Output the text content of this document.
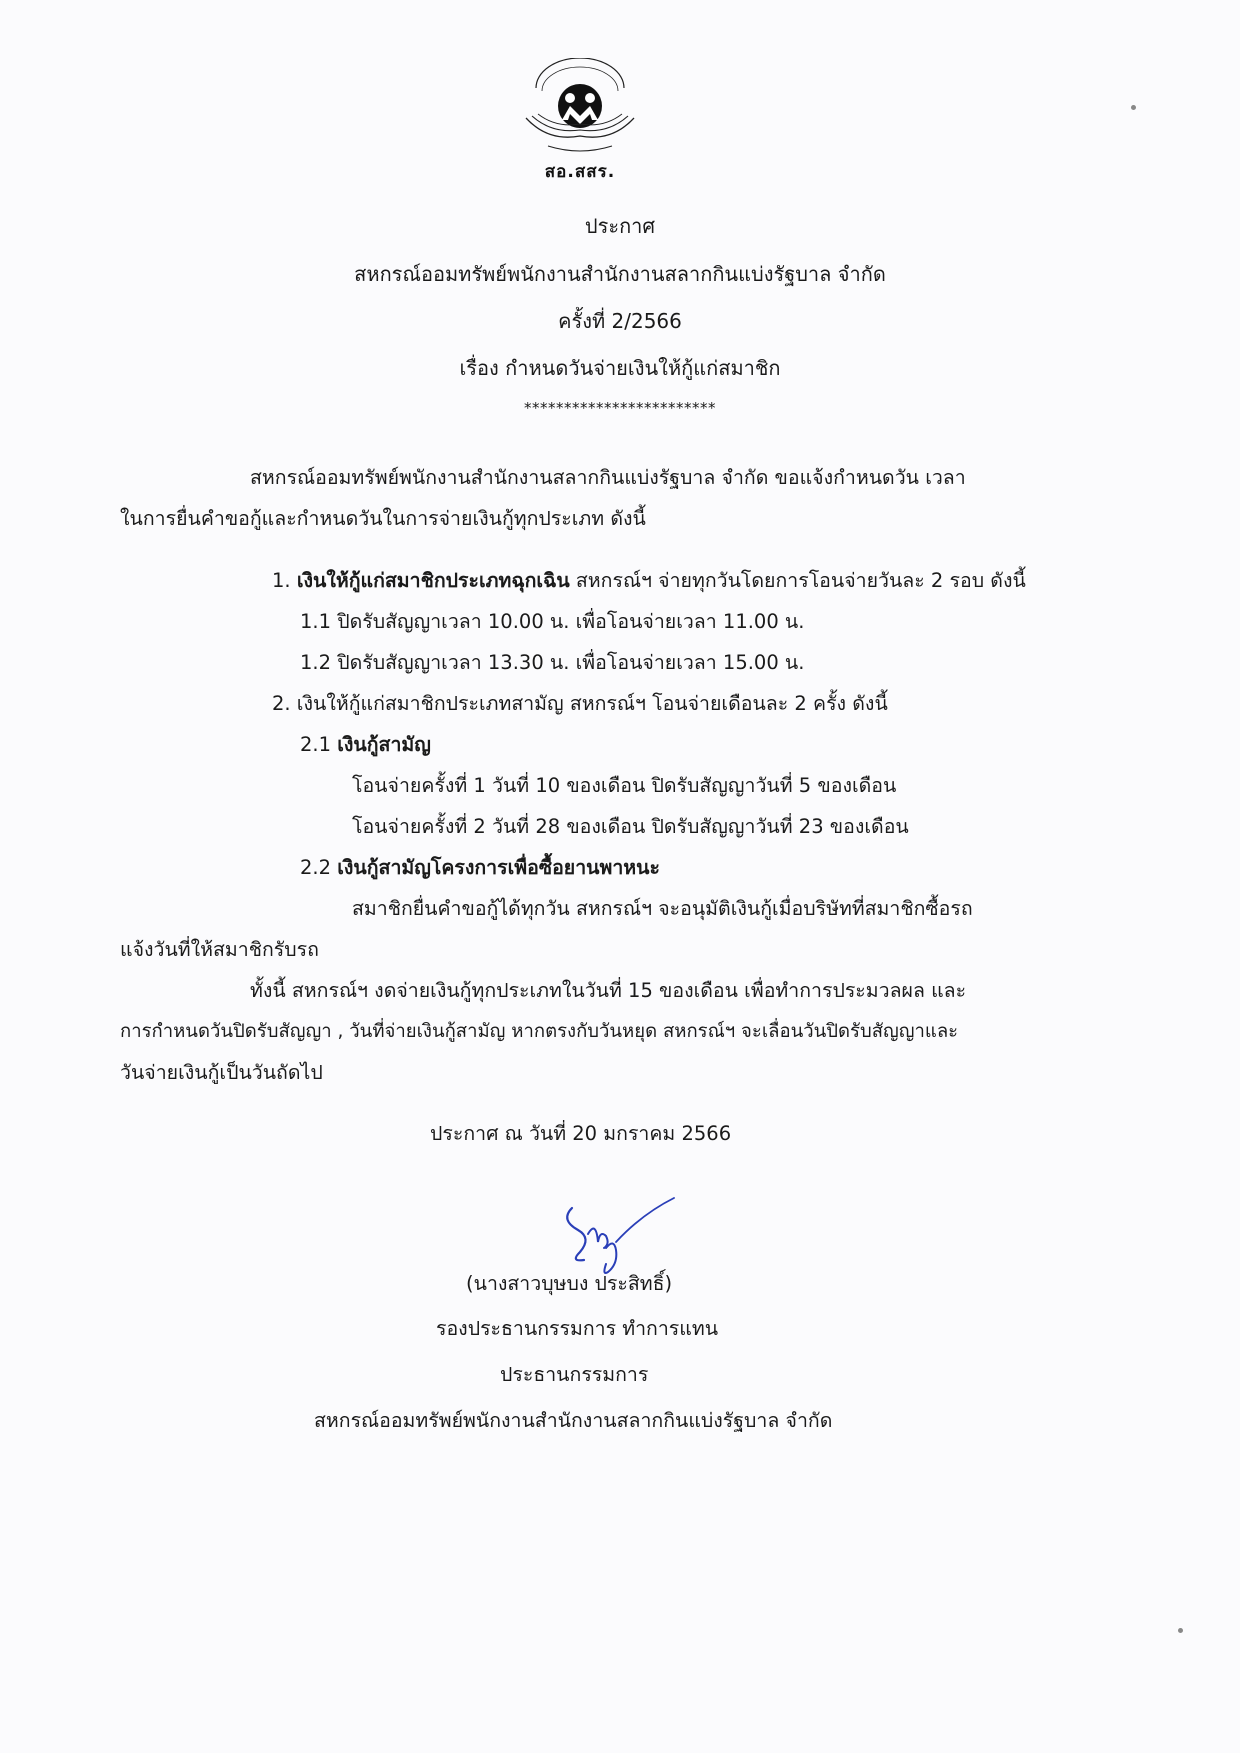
สอ.สสร.
ประกาศ
สหกรณ์ออมทรัพย์พนักงานสำนักงานสลากกินแบ่งรัฐบาล จำกัด
ครั้งที่ 2/2566
เรื่อง กำหนดวันจ่ายเงินให้กู้แก่สมาชิก
************************
สหกรณ์ออมทรัพย์พนักงานสำนักงานสลากกินแบ่งรัฐบาล จำกัด ขอแจ้งกำหนดวัน เวลา
ในการยื่นคำขอกู้และกำหนดวันในการจ่ายเงินกู้ทุกประเภท ดังนี้
1. เงินให้กู้แก่สมาชิกประเภทฉุกเฉิน สหกรณ์ฯ จ่ายทุกวันโดยการโอนจ่ายวันละ 2 รอบ ดังนี้
1.1 ปิดรับสัญญาเวลา 10.00 น. เพื่อโอนจ่ายเวลา 11.00 น.
1.2 ปิดรับสัญญาเวลา 13.30 น. เพื่อโอนจ่ายเวลา 15.00 น.
2. เงินให้กู้แก่สมาชิกประเภทสามัญ สหกรณ์ฯ โอนจ่ายเดือนละ 2 ครั้ง ดังนี้
2.1 เงินกู้สามัญ
โอนจ่ายครั้งที่ 1 วันที่ 10 ของเดือน ปิดรับสัญญาวันที่ 5 ของเดือน
โอนจ่ายครั้งที่ 2 วันที่ 28 ของเดือน ปิดรับสัญญาวันที่ 23 ของเดือน
2.2 เงินกู้สามัญโครงการเพื่อซื้อยานพาหนะ
สมาชิกยื่นคำขอกู้ได้ทุกวัน สหกรณ์ฯ จะอนุมัติเงินกู้เมื่อบริษัทที่สมาชิกซื้อรถ
แจ้งวันที่ให้สมาชิกรับรถ
ทั้งนี้ สหกรณ์ฯ งดจ่ายเงินกู้ทุกประเภทในวันที่ 15 ของเดือน เพื่อทำการประมวลผล และ
การกำหนดวันปิดรับสัญญา , วันที่จ่ายเงินกู้สามัญ หากตรงกับวันหยุด สหกรณ์ฯ จะเลื่อนวันปิดรับสัญญาและ
วันจ่ายเงินกู้เป็นวันถัดไป
ประกาศ ณ วันที่ 20 มกราคม 2566
(นางสาวบุษบง ประสิทธิ์)
รองประธานกรรมการ ทำการแทน
ประธานกรรมการ
สหกรณ์ออมทรัพย์พนักงานสำนักงานสลากกินแบ่งรัฐบาล จำกัด
